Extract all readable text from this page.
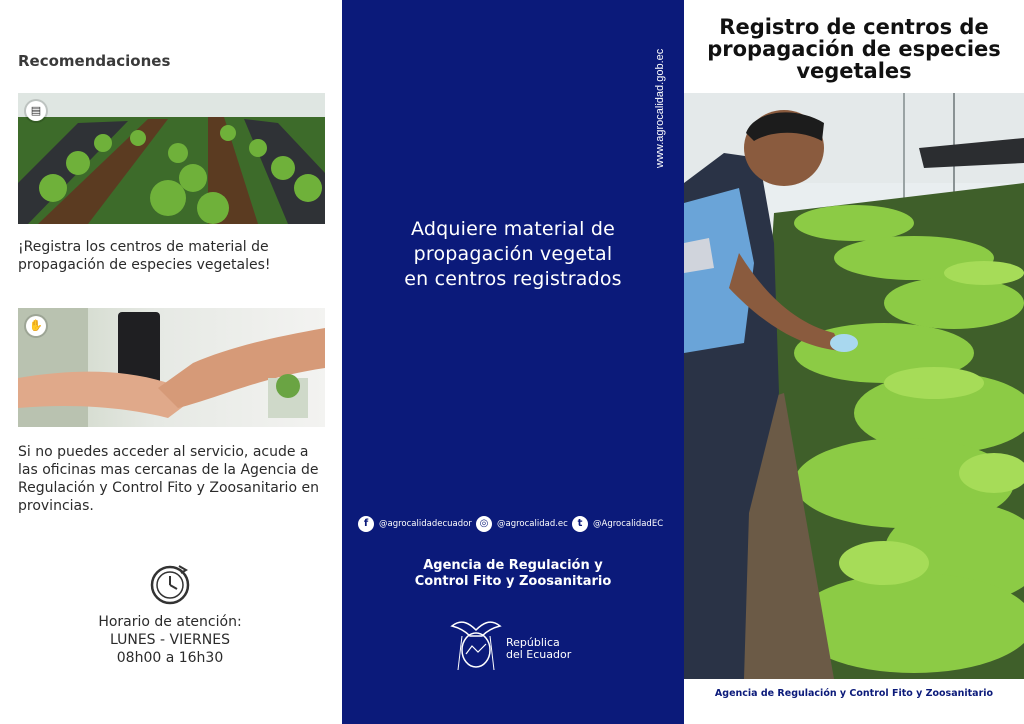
Recomendaciones
▤
¡Registra los centros de material de propagación de especies vegetales!
✋
Si no puedes acceder al servicio, acude a las oficinas mas cercanas de la Agencia de Regulación y Control Fito y Zoosanitario en provincias.
Horario de atención:
LUNES - VIERNES
08h00 a 16h30
Adquiere material de
propagación vegetal
en centros registrados
f	@agrocalidadecuador ◎	@agrocalidad.ec t	@AgrocalidadEC
Agencia de Regulación y
Control Fito y Zoosanitario
República
del Ecuador
www.agrocalidad.gob.ec
Registro de centros de
propagación de especies
vegetales
Agencia de Regulación y Control Fito y Zoosanitario
